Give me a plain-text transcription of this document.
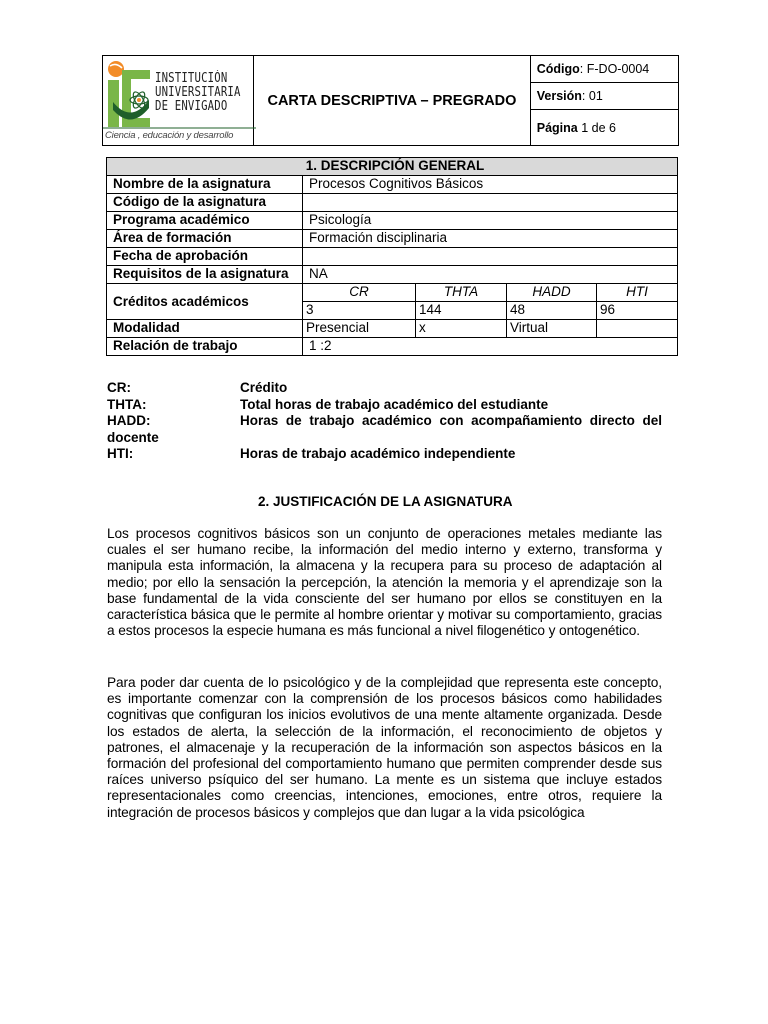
INSTITUCIÓN
UNIVERSITARIA
DE ENVIGADO
Ciencia , educación y desarrollo
	CARTA DESCRIPTIVA – PREGRADO	Código: F-DO-0004
Versión: 01
Página 1 de 6
1. DESCRIPCIÓN GENERAL				
Nombre de la asignatura	Procesos Cognitivos Básicos			
Código de la asignatura				
Programa académico	Psicología			
Área de formación	Formación disciplinaria			
Fecha de aprobación				
Requisitos de la asignatura	NA			
Créditos académicos	CR	THTA	HADD	HTI
	3	144	48	96
Modalidad	Presencial	x	Virtual	
Relación de trabajo	1 :2			
CR:	Crédito
THTA:	Total horas de trabajo académico del estudiante
HADD:	Horas de trabajo académico con acompañamiento directo del docente
HTI:	Horas de trabajo académico independiente
2. JUSTIFICACIÓN DE LA ASIGNATURA

Los procesos cognitivos básicos son un conjunto de operaciones metales mediante las cuales el ser humano recibe, la información del medio interno y externo, transforma y manipula esta información, la almacena y la recupera para su proceso de adaptación al medio; por ello la sensación la percepción, la atención la memoria y el aprendizaje son la base fundamental de la vida consciente del ser humano por ellos se constituyen en la característica básica que le permite al hombre orientar y motivar su comportamiento, gracias a estos procesos la especie humana es más funcional a nivel filogenético y ontogenético.

Para poder dar cuenta de lo psicológico y de la complejidad que representa este concepto, es importante comenzar con la comprensión de los procesos básicos como habilidades cognitivas que configuran los inicios evolutivos de una mente altamente organizada. Desde los estados de alerta, la selección de la información, el reconocimiento de objetos y patrones, el almacenaje y la recuperación de la información son aspectos básicos en la formación del profesional del comportamiento humano que permiten comprender desde sus raíces universo psíquico del ser humano. La mente es un sistema que incluye estados representacionales como creencias, intenciones, emociones, entre otros, requiere la integración de procesos básicos y complejos que dan lugar a la vida psicológica
